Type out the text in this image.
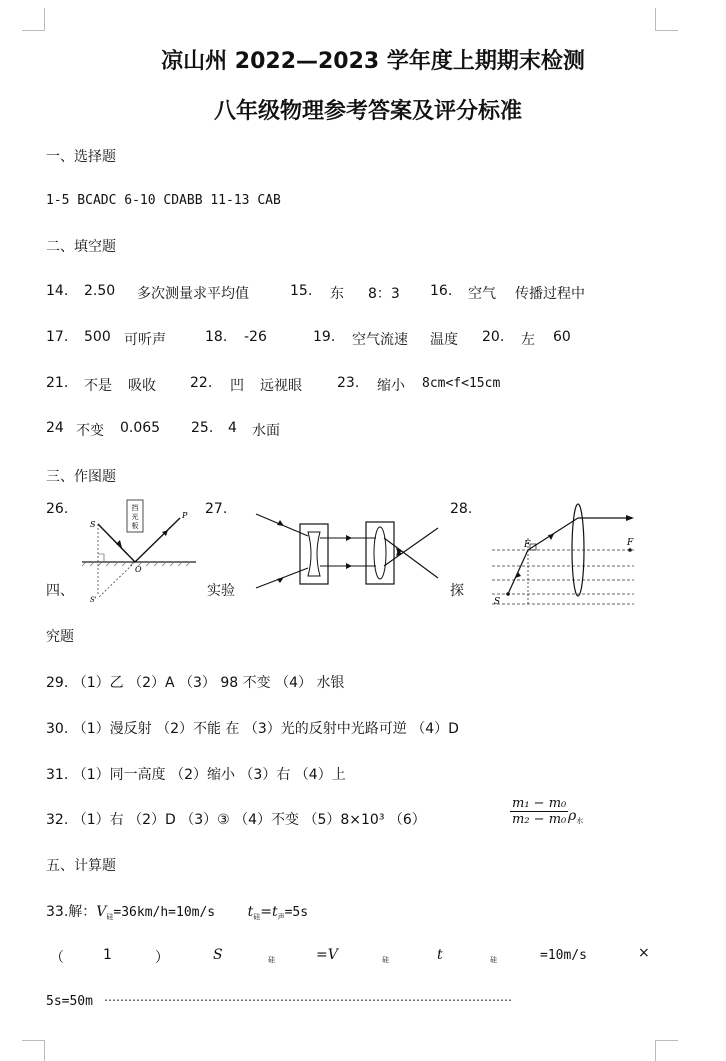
凉山州 2022—2023 学年度上期期末检测
八年级物理参考答案及评分标准
一、选择题
1-5 BCADC 6-10 CDABB 11-13 CAB
二、填空题
14. 2.50 多次测量求平均值	15. 东 8：3 16. 空气 传播过程中
17. 500 可听声	18. -26	19. 空气流速 温度 20. 左 60
21. 不是 吸收 22. 凹 远视眼	23. 缩小 8cm<f<15cm
24 不变 0.065 25. 4 水面
三、作图题
26.	27.	28.
挡
光
板
S
P
O
S'
F	F
S
四、	实验	探
究题
29. （1）乙 （2）A （3） 98 不变 （4） 水银
30. （1）漫反射 （2）不能 在 （3）光的反射中光路可逆 （4）D
31. （1）同一高度 （2）缩小 （3）右 （4）上
32. （1）右 （2）D （3）③ （4）不变 （5）8×10³ （6）	$\frac{\text{m₁ − m₀}}{\text{m₂ − m₀}} \rho_水$
五、计算题
33.解：$V_硅=36km/h=10m/s$ $t_硅=t_声=5s$
（	1	）	S	硅	=V	硅	t	硅	=10m/s	×
5s=50m …………………………………………………………………………………………
